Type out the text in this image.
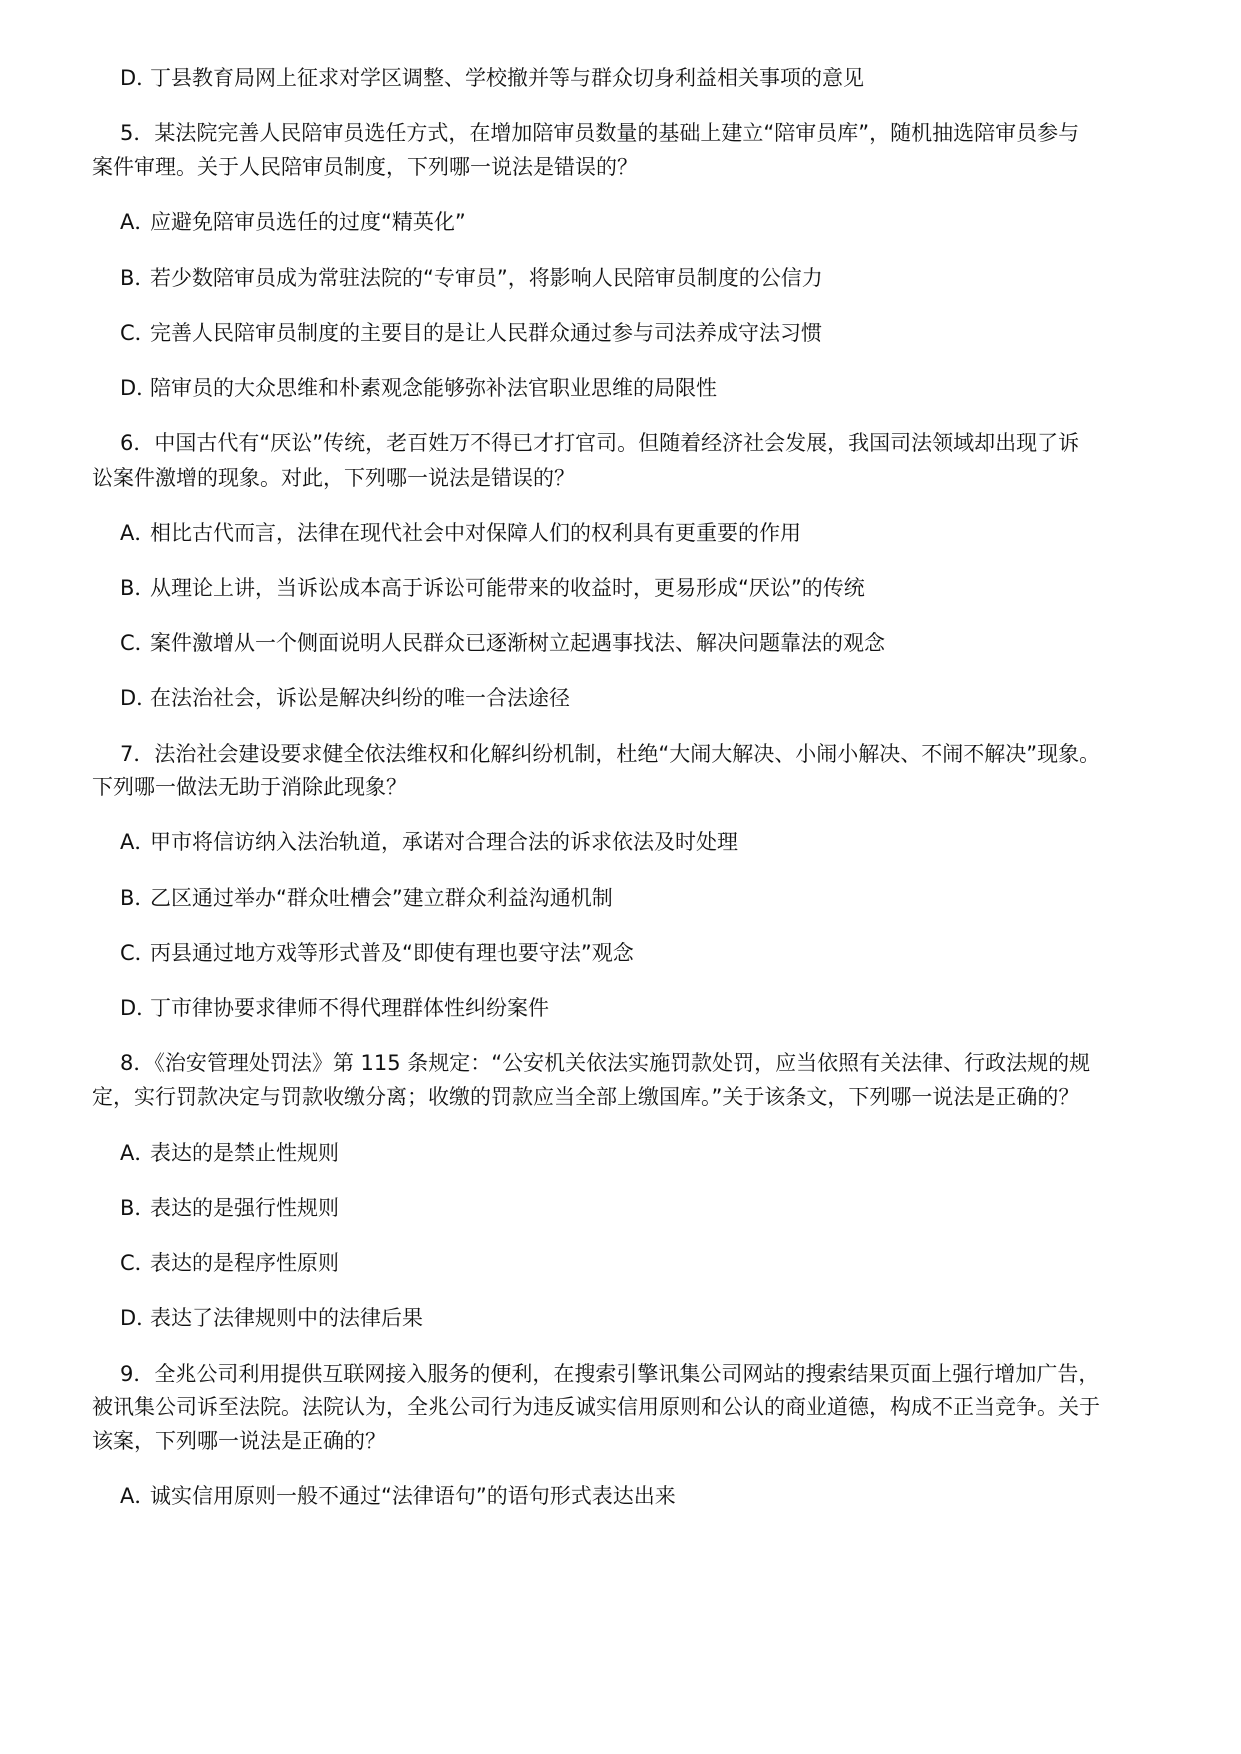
D．丁县教育局网上征求对学区调整、学校撤并等与群众切身利益相关事项的意见
5．某法院完善人民陪审员选任方式，在增加陪审员数量的基础上建立“陪审员库”，随机抽选陪审员参与
案件审理。关于人民陪审员制度，下列哪一说法是错误的？
A．应避免陪审员选任的过度“精英化”
B．若少数陪审员成为常驻法院的“专审员”，将影响人民陪审员制度的公信力
C．完善人民陪审员制度的主要目的是让人民群众通过参与司法养成守法习惯
D．陪审员的大众思维和朴素观念能够弥补法官职业思维的局限性
6．中国古代有“厌讼”传统，老百姓万不得已才打官司。但随着经济社会发展，我国司法领域却出现了诉
讼案件激增的现象。对此，下列哪一说法是错误的？
A．相比古代而言，法律在现代社会中对保障人们的权利具有更重要的作用
B．从理论上讲，当诉讼成本高于诉讼可能带来的收益时，更易形成“厌讼”的传统
C．案件激增从一个侧面说明人民群众已逐渐树立起遇事找法、解决问题靠法的观念
D．在法治社会，诉讼是解决纠纷的唯一合法途径
7．法治社会建设要求健全依法维权和化解纠纷机制，杜绝“大闹大解决、小闹小解决、不闹不解决”现象。
下列哪一做法无助于消除此现象？
A．甲市将信访纳入法治轨道，承诺对合理合法的诉求依法及时处理
B．乙区通过举办“群众吐槽会”建立群众利益沟通机制
C．丙县通过地方戏等形式普及“即使有理也要守法”观念
D．丁市律协要求律师不得代理群体性纠纷案件
8．《治安管理处罚法》第 115 条规定：“公安机关依法实施罚款处罚，应当依照有关法律、行政法规的规
定，实行罚款决定与罚款收缴分离；收缴的罚款应当全部上缴国库。”关于该条文，下列哪一说法是正确的？
A．表达的是禁止性规则
B．表达的是强行性规则
C．表达的是程序性原则
D．表达了法律规则中的法律后果
9．全兆公司利用提供互联网接入服务的便利，在搜索引擎讯集公司网站的搜索结果页面上强行增加广告，
被讯集公司诉至法院。法院认为，全兆公司行为违反诚实信用原则和公认的商业道德，构成不正当竞争。关于
该案，下列哪一说法是正确的？
A．诚实信用原则一般不通过“法律语句”的语句形式表达出来
